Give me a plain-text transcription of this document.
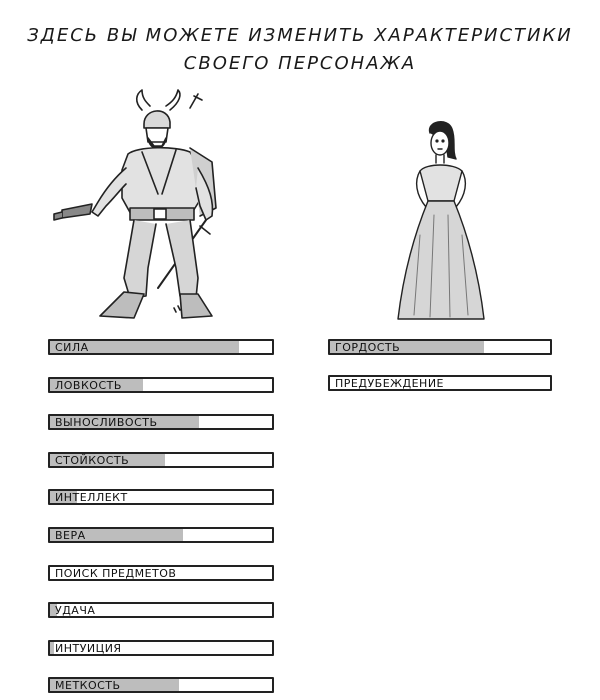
ЗДЕСЬ ВЫ МОЖЕТЕ ИЗМЕНИТЬ ХАРАКТЕРИСТИКИ
СВОЕГО ПЕРСОНАЖА
СИЛА
ЛОВКОСТЬ
ВЫНОСЛИВОСТЬ
СТОЙКОСТЬ
ИНТЕЛЛЕКТ
ВЕРА
ПОИСК ПРЕДМЕТОВ
УДАЧА
ИНТУИЦИЯ
МЕТКОСТЬ
ГОРДОСТЬ
ПРЕДУБЕЖДЕНИЕ
